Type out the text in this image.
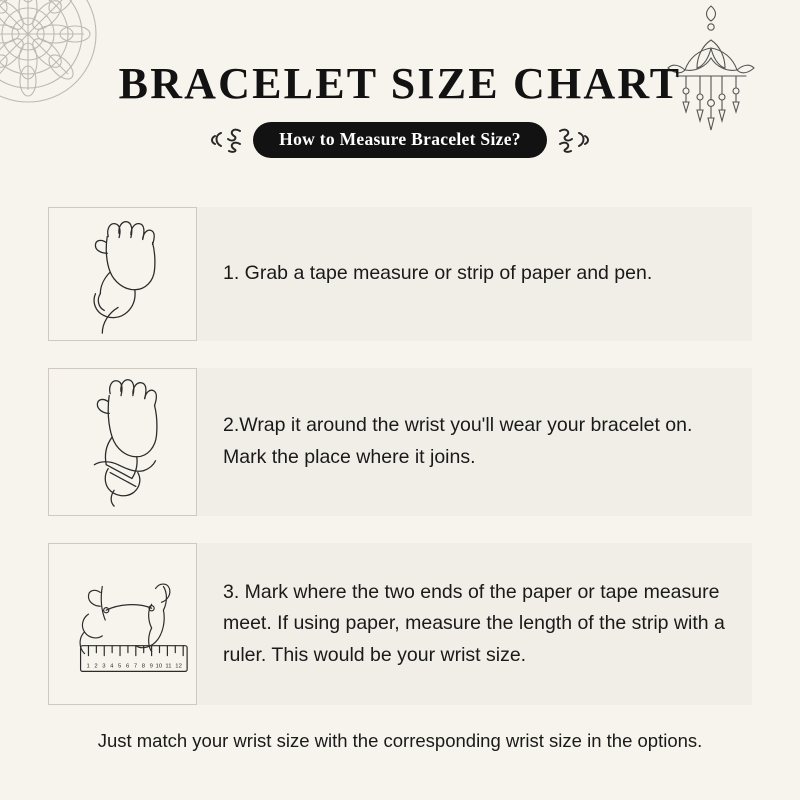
BRACELET SIZE CHART
How to Measure Bracelet Size?
1. Grab a tape measure or strip of paper and pen.
2.Wrap it around the wrist you'll wear your bracelet on. Mark the place where it joins.
1 2 3 4 5 6 7 8 9 10 11 12
3. Mark where the two ends of the paper or tape measure meet. If using paper, measure the length of the strip with a ruler. This would be your wrist size.
Just match your wrist size with the corresponding wrist size in the options.
